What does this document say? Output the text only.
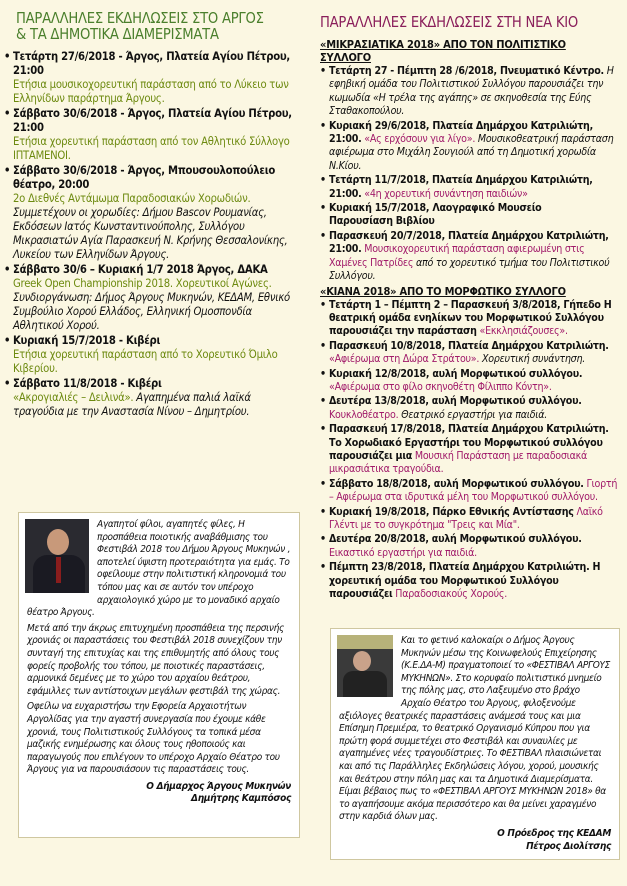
ΠΑΡΑΛΛΗΛΕΣ ΕΚΔΗΛΩΣΕΙΣ ΣΤΟ ΑΡΓΟΣ
& ΤΑ ΔΗΜΟΤΙΚΑ ΔΙΑΜΕΡΙΣΜΑΤΑ
• Τετάρτη 27/6/2018 - Άργος, Πλατεία Αγίου Πέτρου, 21:00
Ετήσια μουσικοχορευτική παράσταση από το Λύκειο των Ελληνίδων παράρτημα Άργους.
• Σάββατο 30/6/2018 - Άργος, Πλατεία Αγίου Πέτρου, 21:00
Ετήσια χορευτική παράσταση από τον Αθλητικό Σύλλογο ΙΠΤΑΜΕΝΟΙ.
• Σάββατο 30/6/2018 - Άργος, Μπουσουλοπούλειο θέατρο, 20:00
2ο Διεθνές Αντάμωμα Παραδοσιακών Χορωδιών.
Συμμετέχουν οι χορωδίες: Δήμου Bascov Ρουμανίας, Εκδόσεων Ιατός Κωνσταντινούπολης, Συλλόγου Μικρασιατών Αγία Παρασκευή Ν. Κρήνης Θεσσαλονίκης, Λυκείου των Ελληνίδων Άργους.
• Σάββατο 30/6 – Κυριακή 1/7 2018 Άργος, ΔΑΚΑ
Greek Open Championship 2018. Χορευτικοί Αγώνες.
Συνδιοργάνωση: Δήμος Άργους Μυκηνών, ΚΕΔΑΜ, Εθνικό Συμβούλιο Χορού Ελλάδος, Ελληνική Ομοσπονδία Αθλητικού Χορού.
• Κυριακή 15/7/2018 - Κιβέρι
Ετήσια χορευτική παράσταση από το Χορευτικό Όμιλο Κιβερίου.
• Σάββατο 11/8/2018 - Κιβέρι
«Ακρογιαλιές – Δειλινά». Αγαπημένα παλιά λαϊκά τραγούδια με την Αναστασία Νίνου – Δημητρίου.

Αγαπητοί φίλοι, αγαπητές φίλες, Η προσπάθεια ποιοτικής αναβάθμισης του Φεστιβάλ 2018 του Δήμου Άργους Μυκηνών , αποτελεί ύψιστη προτεραιότητα για εμάς. Το οφείλουμε στην πολιτιστική κληρονομιά του τόπου μας και σε αυτόν τον υπέροχο αρχαιολογικό χώρο με το μοναδικό αρχαίο θέατρο Άργους.

Μετά από την άκρως επιτυχημένη προσπάθεια της περσινής χρονιάς οι παραστάσεις του Φεστιβάλ 2018 συνεχίζουν την συνταγή της επιτυχίας και της επιθυμητής από όλους τους φορείς προβολής του τόπου, με ποιοτικές παραστάσεις, αρμονικά δεμένες με το χώρο του αρχαίου θεάτρου, εφάμιλλες των αντίστοιχων μεγάλων φεστιβάλ της χώρας.

Οφείλω να ευχαριστήσω την Εφορεία Αρχαιοτήτων Αργολίδας για την αγαστή συνεργασία που έχουμε κάθε χρονιά, τους Πολιτιστικούς Συλλόγους τα τοπικά μέσα μαζικής ενημέρωσης και όλους τους ηθοποιούς και παραγωγούς που επιλέγουν το υπέροχο Αρχαίο Θέατρο του Άργους για να παρουσιάσουν τις παραστάσεις τους.

Ο Δήμαρχος Άργους Μυκηνών
Δημήτρης Καμπόσος
ΠΑΡΑΛΛΗΛΕΣ ΕΚΔΗΛΩΣΕΙΣ ΣΤΗ ΝΕΑ ΚΙΟ
«ΜΙΚΡΑΣΙΑΤΙΚΑ 2018» ΑΠΟ ΤΟΝ ΠΟΛΙΤΙΣΤΙΚΟ ΣΥΛΛΟΓΟ
• Τετάρτη 27 - Πέμπτη 28 /6/2018, Πνευματικό Κέντρο. Η εφηβική ομάδα του Πολιτιστικού Συλλόγου παρουσιάζει την κωμωδία «Η τρέλα της αγάπης» σε σκηνοθεσία της Εύης Σταθακοπούλου.
• Κυριακή 29/6/2018, Πλατεία Δημάρχου Κατριλιώτη, 21:00. «Ας ερχόσουν για λίγο». Μουσικοθεατρική παράσταση αφιέρωμα στο Μιχάλη Σουγιούλ από τη Δημοτική χορωδία Ν.Κίου.
• Τετάρτη 11/7/2018, Πλατεία Δημάρχου Κατριλιώτη, 21:00. «4η χορευτική συνάντηση παιδιών»
• Κυριακή 15/7/2018, Λαογραφικό Μουσείο
Παρουσίαση Βιβλίου
• Παρασκευή 20/7/2018, Πλατεία Δημάρχου Κατριλιώτη, 21:00. Μουσικοχορευτική παράσταση αφιερωμένη στις Χαμένες Πατρίδες από το χορευτικό τμήμα του Πολιτιστικού Συλλόγου.
«ΚΙΑΝΑ 2018» ΑΠΟ ΤΟ ΜΟΡΦΩΤΙΚΟ ΣΥΛΛΟΓΟ
• Τετάρτη 1 – Πέμπτη 2 – Παρασκευή 3/8/2018, Γήπεδο Η θεατρική ομάδα ενηλίκων του Μορφωτικού Συλλόγου παρουσιάζει την παράσταση «Εκκλησιάζουσες».
• Παρασκευή 10/8/2018, Πλατεία Δημάρχου Κατριλιώτη. «Αφιέρωμα στη Δώρα Στράτου». Χορευτική συνάντηση.
• Κυριακή 12/8/2018, αυλή Μορφωτικού συλλόγου. «Αφιέρωμα στο φίλο σκηνοθέτη Φίλιππο Κόντη».
• Δευτέρα 13/8/2018, αυλή Μορφωτικού συλλόγου. Κουκλοθέατρο. Θεατρικό εργαστήρι για παιδιά.
• Παρασκευή 17/8/2018, Πλατεία Δημάρχου Κατριλιώτη. Το Χορωδιακό Εργαστήρι του Μορφωτικού συλλόγου παρουσιάζει μια Μουσική Παράσταση με παραδοσιακά μικρασιάτικα τραγούδια.
• Σάββατο 18/8/2018, αυλή Μορφωτικού συλλόγου. Γιορτή – Αφιέρωμα στα ιδρυτικά μέλη του Μορφωτικού συλλόγου.
• Κυριακή 19/8/2018, Πάρκο Εθνικής Αντίστασης Λαϊκό Γλέντι με το συγκρότημα "Τρεις και Μία".
• Δευτέρα 20/8/2018, αυλή Μορφωτικού συλλόγου. Εικαστικό εργαστήρι για παιδιά.
• Πέμπτη 23/8/2018, Πλατεία Δημάρχου Κατριλιώτη. Η χορευτική ομάδα του Μορφωτικού Συλλόγου παρουσιάζει Παραδοσιακούς Χορούς.

Και το φετινό καλοκαίρι ο Δήμος Άργους Μυκηνών μέσω της Κοινωφελούς Επιχείρησης (Κ.Ε.ΔΑ-Μ) πραγματοποιεί το «ΦΕΣΤΙΒΑΛ ΑΡΓΟΥΣ ΜΥΚΗΝΩΝ». Στο κορυφαίο πολιτιστικό μνημείο της πόλης μας, στο Λαξευμένο στο βράχο Αρχαίο Θέατρο του Άργους, φιλοξενούμε αξιόλογες θεατρικές παραστάσεις ανάμεσά τους και μια Επίσημη Πρεμιέρα, το θεατρικό Οργανισμό Κύπρου που για πρώτη φορά συμμετέχει στο Φεστιβάλ και συναυλίες με αγαπημένες νέες τραγουδίστριες. Το ΦΕΣΤΙΒΑΛ πλαισιώνεται και από τις Παράλληλες Εκδηλώσεις λόγου, χορού, μουσικής και θεάτρου στην πόλη μας και τα Δημοτικά Διαμερίσματα. Είμαι βέβαιος πως το «ΦΕΣΤΙΒΑΛ ΑΡΓΟΥΣ ΜΥΚΗΝΩΝ 2018» θα το αγαπήσουμε ακόμα περισσότερο και θα μείνει χαραγμένο στην καρδιά όλων μας.

Ο Πρόεδρος της ΚΕΔΑΜ
Πέτρος Διολίτσης
